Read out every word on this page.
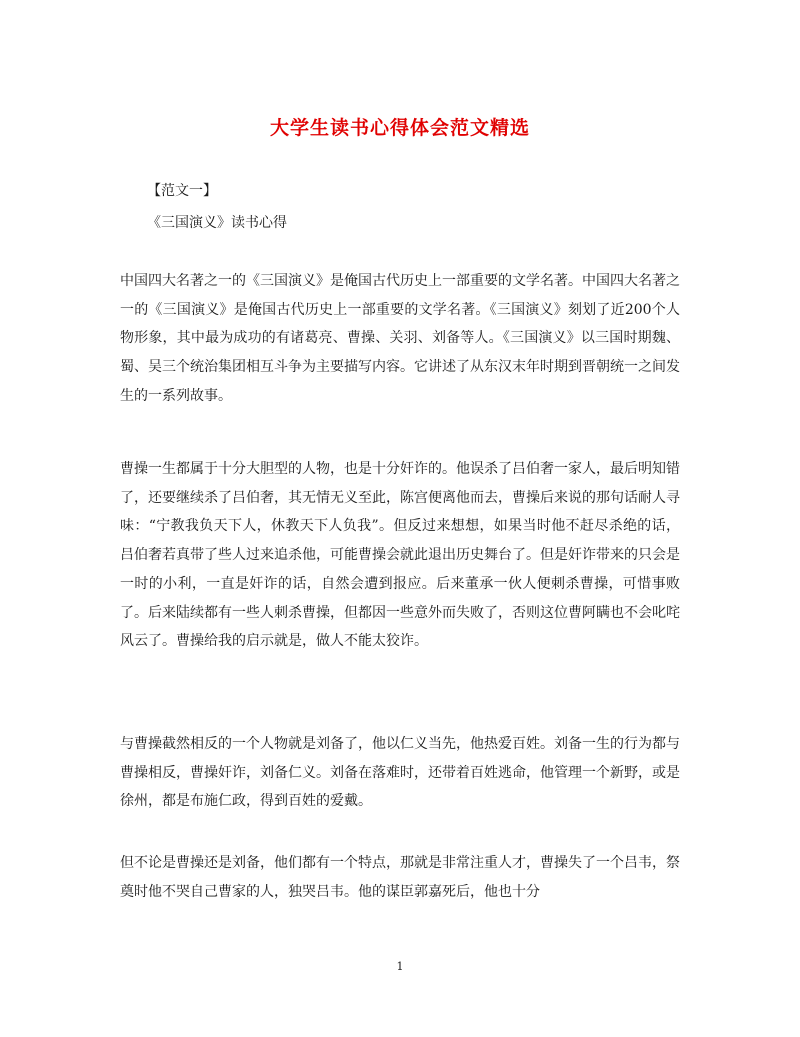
大学生读书心得体会范文精选
【范文一】
《三国演义》读书心得

中国四大名著之一的《三国演义》是俺国古代历史上一部重要的文学名著。中国四大名著之一的《三国演义》是俺国古代历史上一部重要的文学名著。《三国演义》刻划了近200个人物形象，其中最为成功的有诸葛亮、曹操、关羽、刘备等人。《三国演义》以三国时期魏、蜀、吴三个统治集团相互斗争为主要描写内容。它讲述了从东汉末年时期到晋朝统一之间发生的一系列故事。

曹操一生都属于十分大胆型的人物，也是十分奸诈的。他误杀了吕伯奢一家人，最后明知错了，还要继续杀了吕伯奢，其无情无义至此，陈宫便离他而去，曹操后来说的那句话耐人寻味：“宁教我负天下人，休教天下人负我”。但反过来想想，如果当时他不赶尽杀绝的话，吕伯奢若真带了些人过来追杀他，可能曹操会就此退出历史舞台了。但是奸诈带来的只会是一时的小利，一直是奸诈的话，自然会遭到报应。后来董承一伙人便刺杀曹操，可惜事败了。后来陆续都有一些人刺杀曹操，但都因一些意外而失败了，否则这位曹阿瞒也不会叱咤风云了。曹操给我的启示就是，做人不能太狡诈。

与曹操截然相反的一个人物就是刘备了，他以仁义当先，他热爱百姓。刘备一生的行为都与曹操相反，曹操奸诈，刘备仁义。刘备在落难时，还带着百姓逃命，他管理一个新野，或是徐州，都是布施仁政，得到百姓的爱戴。

但不论是曹操还是刘备，他们都有一个特点，那就是非常注重人才，曹操失了一个吕韦，祭奠时他不哭自己曹家的人，独哭吕韦。他的谋臣郭嘉死后，他也十分

1
